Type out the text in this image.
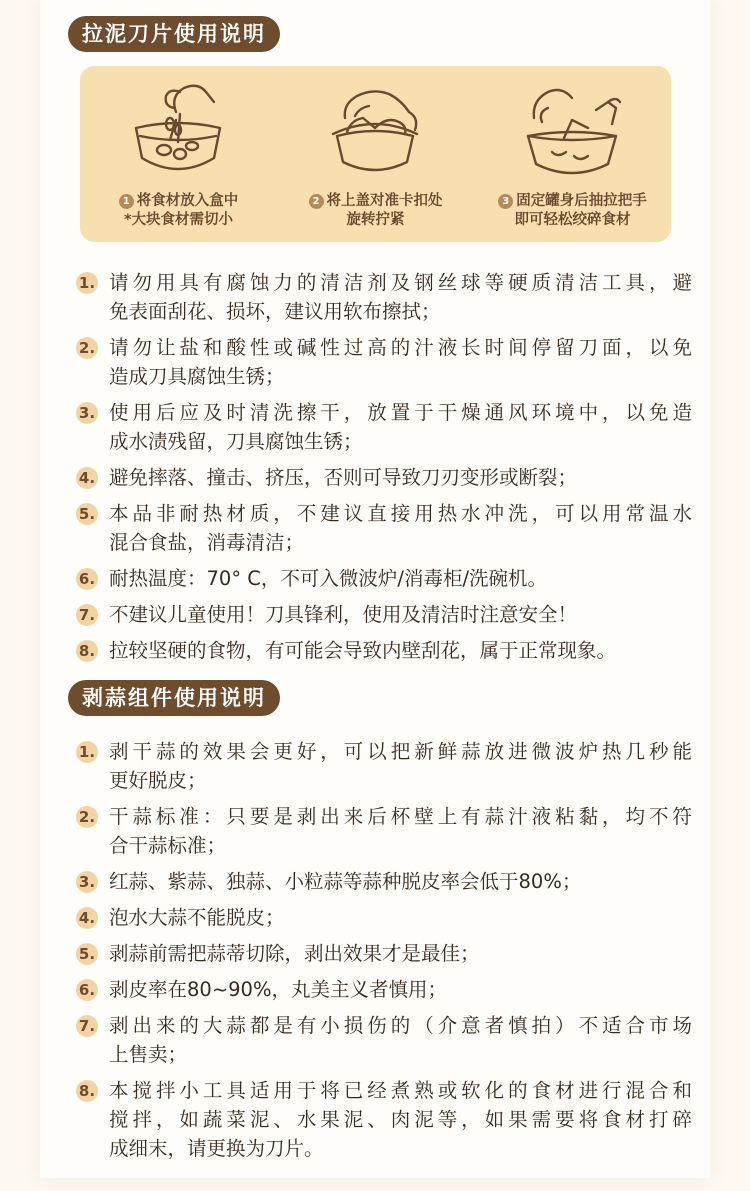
拉泥刀片使用说明
1 将食材放入盒中
*大块食材需切小
2 将上盖对准卡扣处
旋转拧紧
3 固定罐身后抽拉把手
即可轻松绞碎食材
1. 请勿用具有腐蚀力的清洁剂及钢丝球等硬质清洁工具，避
免表面刮花、损坏，建议用软布擦拭；
2. 请勿让盐和酸性或碱性过高的汁液长时间停留刀面，以免
造成刀具腐蚀生锈；
3. 使用后应及时清洗擦干，放置于干燥通风环境中，以免造
成水渍残留，刀具腐蚀生锈；
4. 避免摔落、撞击、挤压，否则可导致刀刃变形或断裂；
5. 本品非耐热材质，不建议直接用热水冲洗，可以用常温水
混合食盐，消毒清洁；
6. 耐热温度：70° C，不可入微波炉/消毒柜/洗碗机。
7. 不建议儿童使用！刀具锋利，使用及清洁时注意安全！
8. 拉较坚硬的食物，有可能会导致内壁刮花，属于正常现象。
剥蒜组件使用说明
1. 剥干蒜的效果会更好，可以把新鲜蒜放进微波炉热几秒能
更好脱皮；
2. 干蒜标准：只要是剥出来后杯壁上有蒜汁液粘黏，均不符
合干蒜标准；
3. 红蒜、紫蒜、独蒜、小粒蒜等蒜种脱皮率会低于80%；
4. 泡水大蒜不能脱皮；
5. 剥蒜前需把蒜蒂切除，剥出效果才是最佳；
6. 剥皮率在80~90%，丸美主义者慎用；
7. 剥出来的大蒜都是有小损伤的（介意者慎拍）不适合市场
上售卖；
8. 本搅拌小工具适用于将已经煮熟或软化的食材进行混合和
搅拌，如蔬菜泥、水果泥、肉泥等，如果需要将食材打碎
成细末，请更换为刀片。
